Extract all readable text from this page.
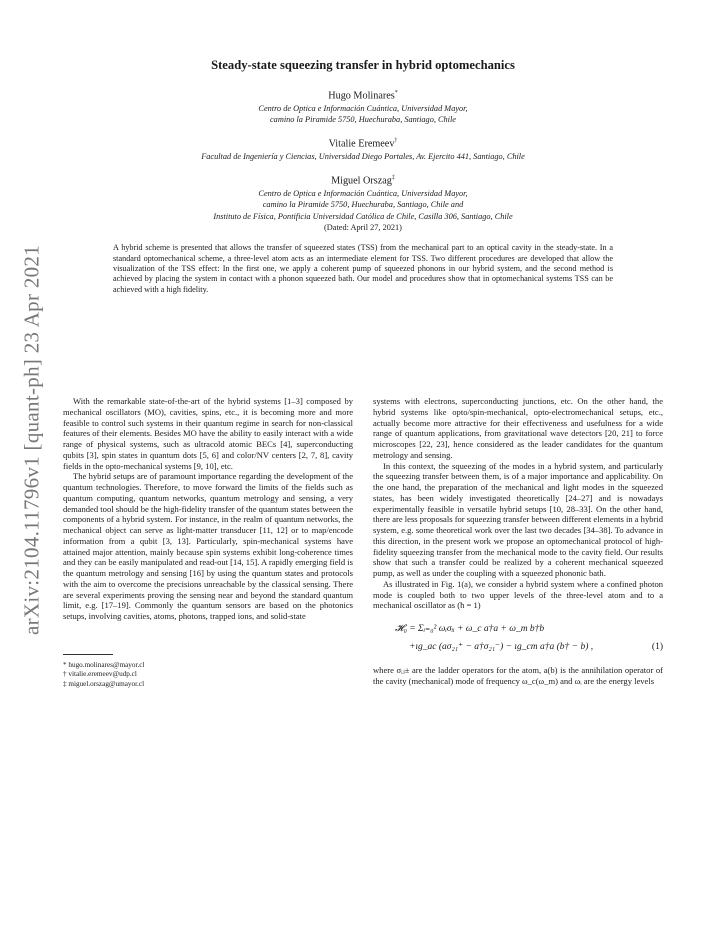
arXiv:2104.11796v1 [quant-ph] 23 Apr 2021
Steady-state squeezing transfer in hybrid optomechanics
Hugo Molinares*
Centro de Optica e Información Cuántica, Universidad Mayor,
camino la Piramide 5750, Huechuraba, Santiago, Chile
Vitalie Eremeev†
Facultad de Ingeniería y Ciencias, Universidad Diego Portales, Av. Ejercito 441, Santiago, Chile
Miguel Orszag‡
Centro de Optica e Información Cuántica, Universidad Mayor,
camino la Piramide 5750, Huechuraba, Santiago, Chile and
Instituto de Física, Pontificia Universidad Católica de Chile, Casilla 306, Santiago, Chile
(Dated: April 27, 2021)
A hybrid scheme is presented that allows the transfer of squeezed states (TSS) from the mechanical part to an optical cavity in the steady-state. In a standard optomechanical scheme, a three-level atom acts as an intermediate element for TSS. Two different procedures are developed that allow the visualization of the TSS effect: In the first one, we apply a coherent pump of squeezed phonons in our hybrid system, and the second method is achieved by placing the system in contact with a phonon squeezed bath. Our model and procedures show that in optomechanical systems TSS can be achieved with a high fidelity.

With the remarkable state-of-the-art of the hybrid systems [1–3] composed by mechanical oscillators (MO), cavities, spins, etc., it is becoming more and more feasible to control such systems in their quantum regime in search for non-classical features of their elements. Besides MO have the ability to easily interact with a wide range of physical systems, such as ultracold atomic BECs [4], superconducting qubits [3], spin states in quantum dots [5, 6] and color/NV centers [2, 7, 8], cavity fields in the opto-mechanical systems [9, 10], etc.

The hybrid setups are of paramount importance regarding the development of the quantum technologies. Therefore, to move forward the limits of the fields such as quantum computing, quantum networks, quantum metrology and sensing, a very demanded tool should be the high-fidelity transfer of the quantum states between the components of a hybrid system. For instance, in the realm of quantum networks, the mechanical object can serve as light-matter transducer [11, 12] or to map/encode information from a qubit [3, 13]. Particularly, spin-mechanical systems have attained major attention, mainly because spin systems exhibit long-coherence times and they can be easily manipulated and read-out [14, 15]. A rapidly emerging field is the quantum metrology and sensing [16] by using the quantum states and protocols with the aim to overcome the precisions unreachable by the classical sensing. There are several experiments proving the sensing near and beyond the standard quantum limit, e.g. [17–19]. Commonly the quantum sensors are based on the photonics setups, involving cavities, atoms, photons, trapped ions, and solid-state

* hugo.molinares@mayor.cl
† vitalie.eremeev@udp.cl
‡ miguel.orszag@umayor.cl

systems with electrons, superconducting junctions, etc. On the other hand, the hybrid systems like opto/spin-mechanical, opto-electromechanical setups, etc., actually become more attractive for their effectiveness and usefulness for a wide range of quantum applications, from gravitational wave detectors [20, 21] to force microscopes [22, 23], hence considered as the leader candidates for the quantum metrology and sensing.

In this context, the squeezing of the modes in a hybrid system, and particularly the squeezing transfer between them, is of a major importance and applicability. On the one hand, the preparation of the mechanical and light modes in the squeezed states, has been widely investigated theoretically [24–27] and is nowadays experimentally feasible in versatile hybrid setups [10, 28–33]. On the other hand, there are less proposals for squeezing transfer between different elements in a hybrid system, e.g. some theoretical work over the last two decades [34–38]. To advance in this direction, in the present work we propose an optomechanical protocol of high-fidelity squeezing transfer from the mechanical mode to the cavity field. Our results show that such a transfer could be realized by a coherent mechanical squeezed pump, as well as under the coupling with a squeezed phononic bath.

As illustrated in Fig. 1(a), we consider a hybrid system where a confined photon mode is coupled both to two upper levels of the three-level atom and to a mechanical oscillator as (ħ = 1)

𝓗₀ = Σᵢ₌₀² ωᵢσᵢᵢ + ω_c a†a + ω_m b†b
+ıg_ac (aσ₂₁⁺ − a†σ₂₁⁻) − ıg_cm a†a (b† − b) ,	(1)

where σᵢⱼ± are the ladder operators for the atom, a(b) is the annihilation operator of the cavity (mechanical) mode of frequency ω_c(ω_m) and ωᵢ are the energy levels
